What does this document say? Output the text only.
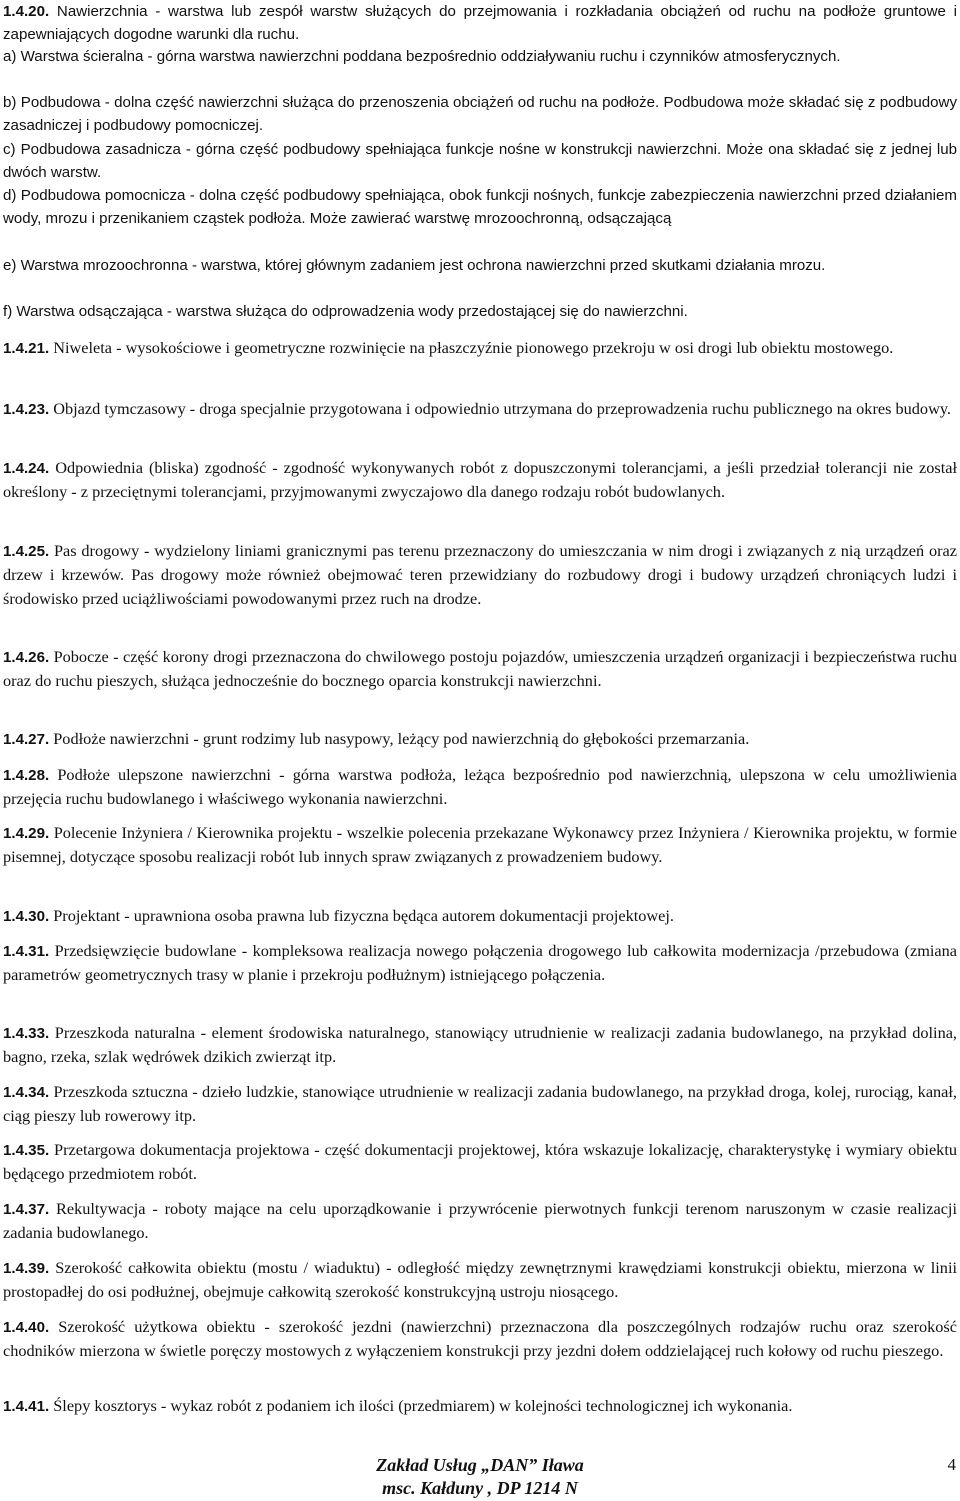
1.4.20. Nawierzchnia - warstwa lub zespół warstw służących do przejmowania i rozkładania obciążeń od ruchu na podłoże gruntowe i zapewniających dogodne warunki dla ruchu.

a) Warstwa ścieralna - górna warstwa nawierzchni poddana bezpośrednio oddziaływaniu ruchu i czynników atmosferycznych.

b) Podbudowa - dolna część nawierzchni służąca do przenoszenia obciążeń od ruchu na podłoże. Podbudowa może składać się z podbudowy zasadniczej i podbudowy pomocniczej.

c) Podbudowa zasadnicza - górna część podbudowy spełniająca funkcje nośne w konstrukcji nawierzchni. Może ona składać się z jednej lub dwóch warstw.

d) Podbudowa pomocnicza - dolna część podbudowy spełniająca, obok funkcji nośnych, funkcje zabezpieczenia nawierzchni przed działaniem wody, mrozu i przenikaniem cząstek podłoża. Może zawierać warstwę mrozoochronną, odsączającą

e) Warstwa mrozoochronna - warstwa, której głównym zadaniem jest ochrona nawierzchni przed skutkami działania mrozu.

f) Warstwa odsączająca - warstwa służąca do odprowadzenia wody przedostającej się do nawierzchni.

1.4.21. Niweleta - wysokościowe i geometryczne rozwinięcie na płaszczyźnie pionowego przekroju w osi drogi lub obiektu mostowego.

1.4.23. Objazd tymczasowy - droga specjalnie przygotowana i odpowiednio utrzymana do przeprowadzenia ruchu publicznego na okres budowy.

1.4.24. Odpowiednia (bliska) zgodność - zgodność wykonywanych robót z dopuszczonymi tolerancjami, a jeśli przedział tolerancji nie został określony - z przeciętnymi tolerancjami, przyjmowanymi zwyczajowo dla danego rodzaju robót budowlanych.

1.4.25. Pas drogowy - wydzielony liniami granicznymi pas terenu przeznaczony do umieszczania w nim drogi i związanych z nią urządzeń oraz drzew i krzewów. Pas drogowy może również obejmować teren przewidziany do rozbudowy drogi i budowy urządzeń chroniących ludzi i środowisko przed uciążliwościami powodowanymi przez ruch na drodze.

1.4.26. Pobocze - część korony drogi przeznaczona do chwilowego postoju pojazdów, umieszczenia urządzeń organizacji i bezpieczeństwa ruchu oraz do ruchu pieszych, służąca jednocześnie do bocznego oparcia konstrukcji nawierzchni.

1.4.27. Podłoże nawierzchni - grunt rodzimy lub nasypowy, leżący pod nawierzchnią do głębokości przemarzania.

1.4.28. Podłoże ulepszone nawierzchni - górna warstwa podłoża, leżąca bezpośrednio pod nawierzchnią, ulepszona w celu umożliwienia przejęcia ruchu budowlanego i właściwego wykonania nawierzchni.

1.4.29. Polecenie Inżyniera / Kierownika projektu - wszelkie polecenia przekazane Wykonawcy przez Inżyniera / Kierownika projektu, w formie pisemnej, dotyczące sposobu realizacji robót lub innych spraw związanych z prowadzeniem budowy.

1.4.30. Projektant - uprawniona osoba prawna lub fizyczna będąca autorem dokumentacji projektowej.

1.4.31. Przedsięwzięcie budowlane - kompleksowa realizacja nowego połączenia drogowego lub całkowita modernizacja /przebudowa (zmiana parametrów geometrycznych trasy w planie i przekroju podłużnym) istniejącego połączenia.

1.4.33. Przeszkoda naturalna - element środowiska naturalnego, stanowiący utrudnienie w realizacji zadania budowlanego, na przykład dolina, bagno, rzeka, szlak wędrówek dzikich zwierząt itp.

1.4.34. Przeszkoda sztuczna - dzieło ludzkie, stanowiące utrudnienie w realizacji zadania budowlanego, na przykład droga, kolej, rurociąg, kanał, ciąg pieszy lub rowerowy itp.

1.4.35. Przetargowa dokumentacja projektowa - część dokumentacji projektowej, która wskazuje lokalizację, charakterystykę i wymiary obiektu będącego przedmiotem robót.

1.4.37. Rekultywacja - roboty mające na celu uporządkowanie i przywrócenie pierwotnych funkcji terenom naruszonym w czasie realizacji zadania budowlanego.

1.4.39. Szerokość całkowita obiektu (mostu / wiaduktu) - odległość między zewnętrznymi krawędziami konstrukcji obiektu, mierzona w linii prostopadłej do osi podłużnej, obejmuje całkowitą szerokość konstrukcyjną ustroju niosącego.

1.4.40. Szerokość użytkowa obiektu - szerokość jezdni (nawierzchni) przeznaczona dla poszczególnych rodzajów ruchu oraz szerokość chodników mierzona w świetle poręczy mostowych z wyłączeniem konstrukcji przy jezdni dołem oddzielającej ruch kołowy od ruchu pieszego.

1.4.41. Ślepy kosztorys - wykaz robót z podaniem ich ilości (przedmiarem) w kolejności technologicznej ich wykonania.

Zakład Usług „DAN” Iława
msc. Kałduny , DP 1214 N
4
